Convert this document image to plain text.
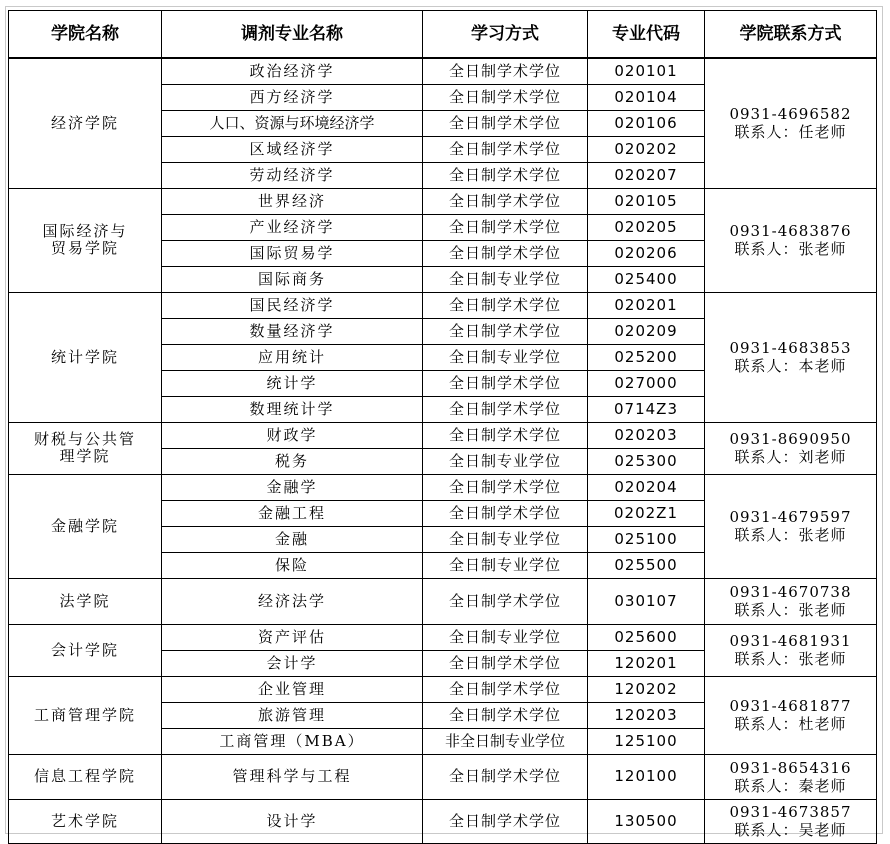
学院名称	调剂专业名称	学习方式	专业代码	学院联系方式

经济学院	政治经济学	全日制学术学位	020101	0931-4696582
联系人：任老师

	西方经济学	全日制学术学位	020104	
	人口、资源与环境经济学	全日制学术学位	020106	
	区域经济学	全日制学术学位	020202	
	劳动经济学	全日制学术学位	020207	

国际经济与
贸易学院	世界经济	全日制学术学位	020105	0931-4683876
联系人：张老师

	产业经济学	全日制学术学位	020205	
	国际贸易学	全日制学术学位	020206	
	国际商务	全日制专业学位	025400	

统计学院	国民经济学	全日制学术学位	020201	0931-4683853
联系人：本老师

	数量经济学	全日制学术学位	020209	
	应用统计	全日制专业学位	025200	
	统计学	全日制学术学位	027000	
	数理统计学	全日制学术学位	0714Z3	

财税与公共管
理学院	财政学	全日制学术学位	020203	0931-8690950
联系人：刘老师

	税务	全日制专业学位	025300	

金融学院	金融学	全日制学术学位	020204	0931-4679597
联系人：张老师

	金融工程	全日制学术学位	0202Z1	
	金融	全日制专业学位	025100	
	保险	全日制专业学位	025500	

法学院	经济法学	全日制学术学位	030107	0931-4670738
联系人：张老师

会计学院	资产评估	全日制专业学位	025600	0931-4681931
联系人：张老师

	会计学	全日制学术学位	120201	

工商管理学院	企业管理	全日制学术学位	120202	0931-4681877
联系人：杜老师

	旅游管理	全日制学术学位	120203	
	工商管理（MBA）	非全日制专业学位	125100	

信息工程学院	管理科学与工程	全日制学术学位	120100	0931-8654316
联系人：秦老师

艺术学院	设计学	全日制学术学位	130500	0931-4673857
联系人：吴老师
